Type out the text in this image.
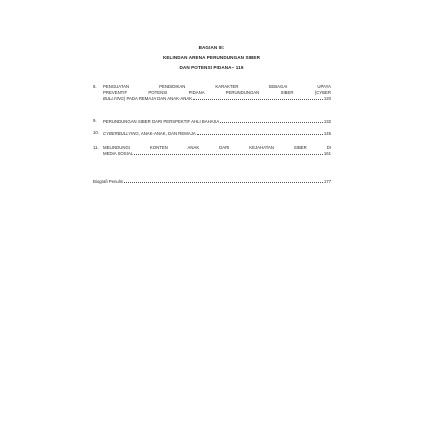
BAGIAN III:
KELINDAN ARENA PERUNDUNGAN SIBER
DAN POTENSI PIDANA~ 119
8.	PENGUATAN PENDIDIKAN KARAKTER SEBAGAI UPAYA
PREVENTIF POTENSI PIDANA PERUNDUNGAN SIBER (CYBER
BULLYING) PADA REMAJA DAN ANAK-ANAK	120
9.	PERUNDUNGAN SIBER DARI PERSPEKTIF AHLI BAHASA	132
10. CYBERBULLYING, ANAK-ANAK, DAN REMAJA	145
11.	MELINDUNGI KONTEN ANAK DARI KEJAHATAN SIBER DI
MEDIA SOSIAL	161
Biografi Penulis	177
